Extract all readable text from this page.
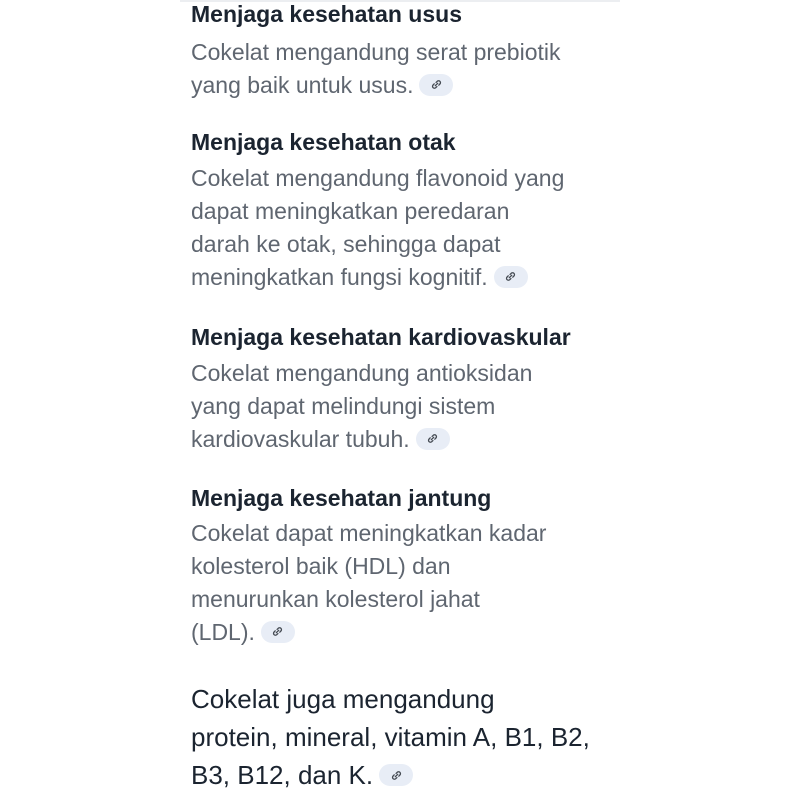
Menjaga kesehatan usus

Cokelat mengandung serat prebiotik
yang baik untuk usus.

Menjaga kesehatan otak

Cokelat mengandung flavonoid yang
dapat meningkatkan peredaran
darah ke otak, sehingga dapat
meningkatkan fungsi kognitif.

Menjaga kesehatan kardiovaskular

Cokelat mengandung antioksidan
yang dapat melindungi sistem
kardiovaskular tubuh.

Menjaga kesehatan jantung

Cokelat dapat meningkatkan kadar
kolesterol baik (HDL) dan
menurunkan kolesterol jahat
(LDL).

Cokelat juga mengandung
protein, mineral, vitamin A, B1, B2,
B3, B12, dan K.
